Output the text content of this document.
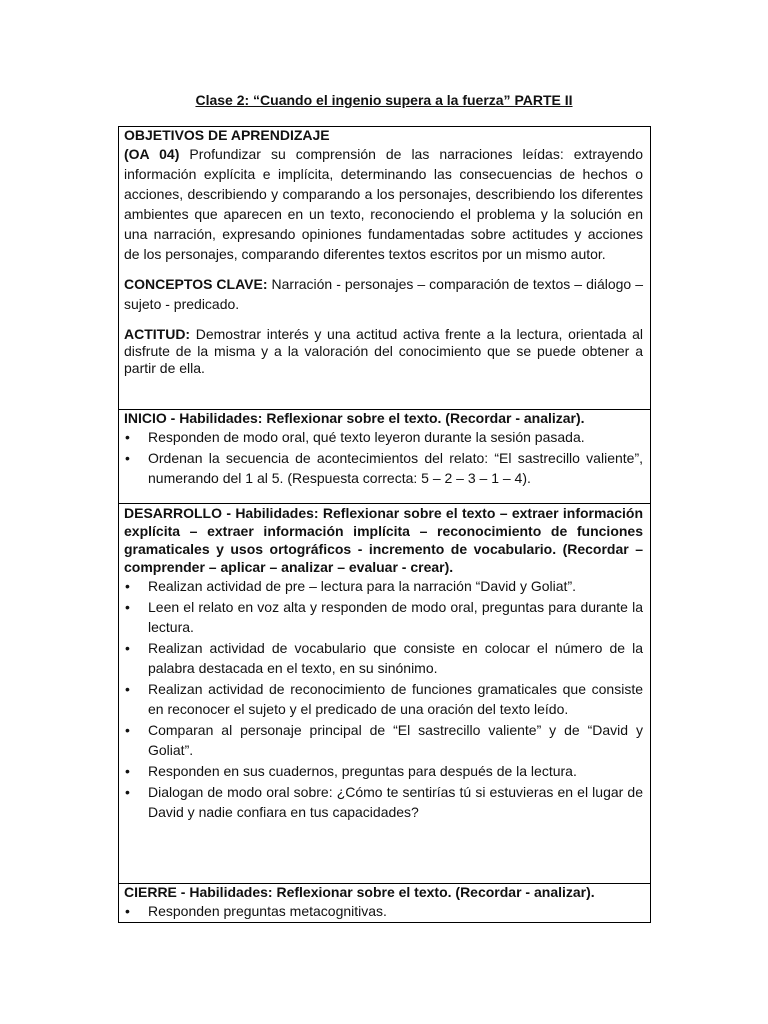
Clase 2: “Cuando el ingenio supera a la fuerza” PARTE II
OBJETIVOS DE APRENDIZAJE
(OA 04) Profundizar su comprensión de las narraciones leídas: extrayendo información explícita e implícita, determinando las consecuencias de hechos o acciones, describiendo y comparando a los personajes, describiendo los diferentes ambientes que aparecen en un texto, reconociendo el problema y la solución en una narración, expresando opiniones fundamentadas sobre actitudes y acciones de los personajes, comparando diferentes textos escritos por un mismo autor.
CONCEPTOS CLAVE: Narración - personajes – comparación de textos – diálogo – sujeto - predicado.
ACTITUD: Demostrar interés y una actitud activa frente a la lectura, orientada al disfrute de la misma y a la valoración del conocimiento que se puede obtener a partir de ella.
INICIO - Habilidades: Reflexionar sobre el texto. (Recordar - analizar).
•	Responden de modo oral, qué texto leyeron durante la sesión pasada.
•	Ordenan la secuencia de acontecimientos del relato: “El sastrecillo valiente”, numerando del 1 al 5. (Respuesta correcta: 5 – 2 – 3 – 1 – 4).
DESARROLLO - Habilidades: Reflexionar sobre el texto – extraer información explícita – extraer información implícita – reconocimiento de funciones gramaticales y usos ortográficos - incremento de vocabulario. (Recordar – comprender – aplicar – analizar – evaluar - crear).
•	Realizan actividad de pre – lectura para la narración “David y Goliat”.
•	Leen el relato en voz alta y responden de modo oral, preguntas para durante la lectura.
•	Realizan actividad de vocabulario que consiste en colocar el número de la palabra destacada en el texto, en su sinónimo.
•	Realizan actividad de reconocimiento de funciones gramaticales que consiste en reconocer el sujeto y el predicado de una oración del texto leído.
•	Comparan al personaje principal de “El sastrecillo valiente” y de “David y Goliat”.
•	Responden en sus cuadernos, preguntas para después de la lectura.
•	Dialogan de modo oral sobre: ¿Cómo te sentirías tú si estuvieras en el lugar de David y nadie confiara en tus capacidades?
CIERRE - Habilidades: Reflexionar sobre el texto. (Recordar - analizar).
•	Responden preguntas metacognitivas.
